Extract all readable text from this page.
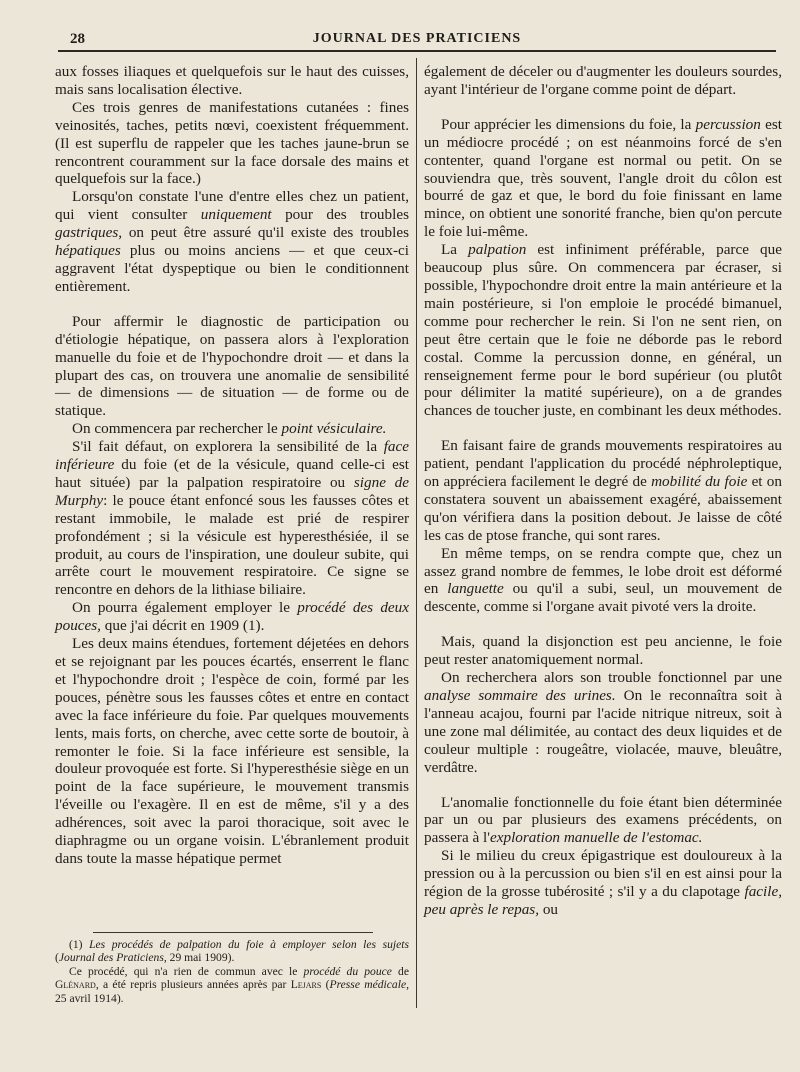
28	JOURNAL DES PRATICIENS

aux fosses iliaques et quelquefois sur le haut des cuisses, mais sans localisation élective.

Ces trois genres de manifestations cutanées : fines veinosités, taches, petits nœvi, coexistent fréquemment. (Il est superflu de rappeler que les taches jaune-brun se rencontrent couramment sur la face dorsale des mains et quelquefois sur la face.)

Lorsqu'on constate l'une d'entre elles chez un patient, qui vient consulter uniquement pour des troubles gastriques, on peut être assuré qu'il existe des troubles hépatiques plus ou moins anciens — et que ceux-ci aggravent l'état dyspeptique ou bien le conditionnent entièrement.

Pour affermir le diagnostic de participation ou d'étiologie hépatique, on passera alors à l'exploration manuelle du foie et de l'hypochondre droit — et dans la plupart des cas, on trouvera une anomalie de sensibilité — de dimensions — de situation — de forme ou de statique.

On commencera par rechercher le point vésiculaire.

S'il fait défaut, on explorera la sensibilité de la face inférieure du foie (et de la vésicule, quand celle-ci est haut située) par la palpation respiratoire ou signe de Murphy: le pouce étant enfoncé sous les fausses côtes et restant immobile, le malade est prié de respirer profondément ; si la vésicule est hyperesthésiée, il se produit, au cours de l'inspiration, une douleur subite, qui arrête court le mouvement respiratoire. Ce signe se rencontre en dehors de la lithiase biliaire.

On pourra également employer le procédé des deux pouces, que j'ai décrit en 1909 (1).

Les deux mains étendues, fortement déjetées en dehors et se rejoignant par les pouces écartés, enserrent le flanc et l'hypochondre droit ; l'espèce de coin, formé par les pouces, pénètre sous les fausses côtes et entre en contact avec la face inférieure du foie. Par quelques mouvements lents, mais forts, on cherche, avec cette sorte de boutoir, à remonter le foie. Si la face inférieure est sensible, la douleur provoquée est forte. Si l'hyperesthésie siège en un point de la face supérieure, le mouvement transmis l'éveille ou l'exagère. Il en est de même, s'il y a des adhérences, soit avec la paroi thoracique, soit avec le diaphragme ou un organe voisin. L'ébranlement produit dans toute la masse hépatique permet

(1) Les procédés de palpation du foie à employer selon les sujets (Journal des Praticiens, 29 mai 1909).

Ce procédé, qui n'a rien de commun avec le procédé du pouce de Glénard, a été repris plusieurs années après par Lejars (Presse médicale, 25 avril 1914).

également de déceler ou d'augmenter les douleurs sourdes, ayant l'intérieur de l'organe comme point de départ.

Pour apprécier les dimensions du foie, la percussion est un médiocre procédé ; on est néanmoins forcé de s'en contenter, quand l'organe est normal ou petit. On se souviendra que, très souvent, l'angle droit du côlon est bourré de gaz et que, le bord du foie finissant en lame mince, on obtient une sonorité franche, bien qu'on percute le foie lui-même.

La palpation est infiniment préférable, parce que beaucoup plus sûre. On commencera par écraser, si possible, l'hypochondre droit entre la main antérieure et la main postérieure, si l'on emploie le procédé bimanuel, comme pour rechercher le rein. Si l'on ne sent rien, on peut être certain que le foie ne déborde pas le rebord costal. Comme la percussion donne, en général, un renseignement ferme pour le bord supérieur (ou plutôt pour délimiter la matité supérieure), on a de grandes chances de toucher juste, en combinant les deux méthodes.

En faisant faire de grands mouvements respiratoires au patient, pendant l'application du procédé néphroleptique, on appréciera facilement le degré de mobilité du foie et on constatera souvent un abaissement exagéré, abaissement qu'on vérifiera dans la position debout. Je laisse de côté les cas de ptose franche, qui sont rares.

En même temps, on se rendra compte que, chez un assez grand nombre de femmes, le lobe droit est déformé en languette ou qu'il a subi, seul, un mouvement de descente, comme si l'organe avait pivoté vers la droite.

Mais, quand la disjonction est peu ancienne, le foie peut rester anatomiquement normal.

On recherchera alors son trouble fonctionnel par une analyse sommaire des urines. On le reconnaîtra soit à l'anneau acajou, fourni par l'acide nitrique nitreux, soit à une zone mal délimitée, au contact des deux liquides et de couleur multiple : rougeâtre, violacée, mauve, bleuâtre, verdâtre.

L'anomalie fonctionnelle du foie étant bien déterminée par un ou par plusieurs des examens précédents, on passera à l'exploration manuelle de l'estomac.

Si le milieu du creux épigastrique est douloureux à la pression ou à la percussion ou bien s'il en est ainsi pour la région de la grosse tubérosité ; s'il y a du clapotage facile, peu après le repas, ou
